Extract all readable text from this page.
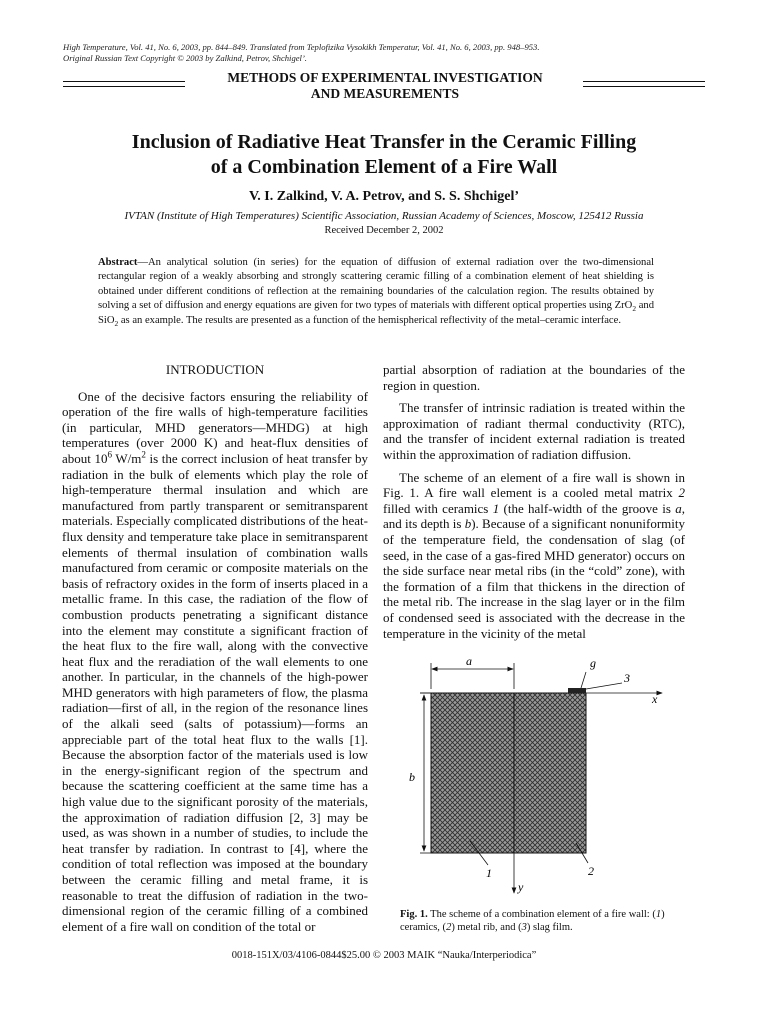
High Temperature, Vol. 41, No. 6, 2003, pp. 844–849. Translated from Teplofizika Vysokikh Temperatur, Vol. 41, No. 6, 2003, pp. 948–953.
Original Russian Text Copyright © 2003 by Zalkind, Petrov, Shchigel’.
METHODS OF EXPERIMENTAL INVESTIGATION
AND MEASUREMENTS
Inclusion of Radiative Heat Transfer in the Ceramic Filling
of a Combination Element of a Fire Wall
V. I. Zalkind, V. A. Petrov, and S. S. Shchigel’
IVTAN (Institute of High Temperatures) Scientific Association, Russian Academy of Sciences, Moscow, 125412 Russia
Received December 2, 2002
Abstract—An analytical solution (in series) for the equation of diffusion of external radiation over the two-dimensional rectangular region of a weakly absorbing and strongly scattering ceramic filling of a combination element of heat shielding is obtained under different conditions of reflection at the remaining boundaries of the calculation region. The results obtained by solving a set of diffusion and energy equations are given for two types of materials with different optical properties using ZrO$_2$ and SiO$_2$ as an example. The results are presented as a function of the hemispherical reflectivity of the metal–ceramic interface.
INTRODUCTION

One of the decisive factors ensuring the reliability of operation of the fire walls of high-temperature facilities (in particular, MHD generators—MHDG) at high temperatures (over 2000 K) and heat-flux densities of about $10^6$ $W/m^2$ is the correct inclusion of heat transfer by radiation in the bulk of elements which play the role of high-temperature thermal insulation and which are manufactured from partly transparent or semitransparent materials. Especially complicated distributions of the heat-flux density and temperature take place in semitransparent elements of thermal insulation of combination walls manufactured from ceramic or composite materials on the basis of refractory oxides in the form of inserts placed in a metallic frame. In this case, the radiation of the flow of combustion products penetrating a significant distance into the element may constitute a significant fraction of the heat flux to the fire wall, along with the convective heat flux and the reradiation of the wall elements to one another. In particular, in the channels of the high-power MHD generators with high parameters of flow, the plasma radiation—first of all, in the region of the resonance lines of the alkali seed (salts of potassium)—forms an appreciable part of the total heat flux to the walls [1]. Because the absorption factor of the materials used is low in the energy-significant region of the spectrum and because the scattering coefficient at the same time has a high value due to the significant porosity of the materials, the approximation of radiation diffusion [2, 3] may be used, as was shown in a number of studies, to include the heat transfer by radiation. In contrast to [4], where the condition of total reflection was imposed at the boundary between the ceramic filling and metal frame, it is reasonable to treat the diffusion of radiation in the two-dimensional region of the ceramic filling of a combined element of a fire wall on condition of the total or

partial absorption of radiation at the boundaries of the region in question.

The transfer of intrinsic radiation is treated within the approximation of radiant thermal conductivity (RTC), and the transfer of incident external radiation is treated within the approximation of radiation diffusion.

The scheme of an element of a fire wall is shown in Fig. 1. A fire wall element is a cooled metal matrix 2 filled with ceramics 1 (the half-width of the groove is a, and its depth is b). Because of a significant nonuniformity of the temperature field, the condensation of slag (of seed, in the case of a gas-fired MHD generator) occurs on the side surface near metal ribs (in the “cold” zone), with the formation of a film that thickens in the direction of the metal rib. The increase in the slag layer or in the film of condensed seed is associated with the decrease in the temperature in the vicinity of the metal

a	g
3
x
b
y
1	2
Fig. 1. The scheme of a combination element of a fire wall: (1) ceramics, (2) metal rib, and (3) slag film.
0018-151X/03/4106-0844$25.00 © 2003 MAIK “Nauka/Interperiodica”
